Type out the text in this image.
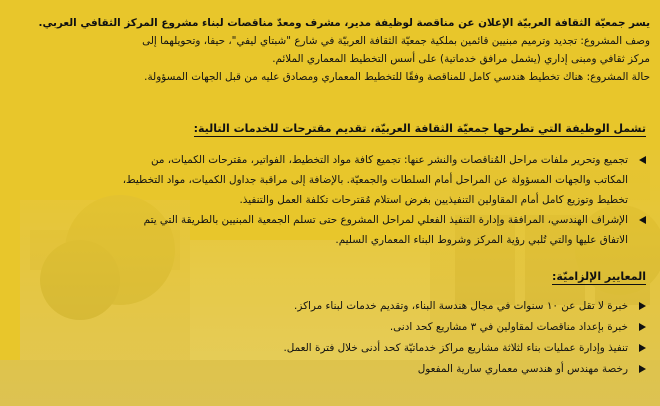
يسر جمعيّة الثقافة العربيّة الإعلان عن مناقصة لوظيفة مدير، مشرف ومعدّ مناقصات لبناء مشروع المركز الثقافي العربي.
وصف المشروع: تجديد وترميم مبنيين قائمين بملكية جمعيّة الثقافة العربيّة في شارع "شبتاي ليفي"، حيفا، وتحويلهما إلى
مركز ثقافي ومبنى إداري (يشمل مرافق خدماتية) على أسس التخطيط المعماري الملائم.
حالة المشروع: هناك تخطيط هندسي كامل للمناقصة وفقًا للتخطيط المعماري ومصادق عليه من قبل الجهات المسؤولة.
تشمل الوظيفة التي تطرحها جمعيّة الثقافة العربيّة، تقديم مقترحات للخدمات التالية:
تجميع وتحرير ملفات مراحل المُناقصات والنشر عنها: تجميع كافة مواد التخطيط، الفواتير، مقترحات الكميات، من
المكاتب والجهات المسؤولة عن المراحل أمام السلطات والجمعيّة. بالإضافة إلى مراقبة جداول الكميات، مواد التخطيط،
تخطيط وتوزيع كامل أمام المقاولين التنفيذيين بغرض استلام مُقترحات تكلفة العمل والتنفيذ.
الإشراف الهندسي، المرافقة وإدارة التنفيذ الفعلي لمراحل المشروع حتى تسلم الجمعية المبنيين بالطريقة التي يتم
الاتفاق عليها والتي تُلبي رؤية المركز وشروط البناء المعماري السليم.
المعايير الإلزاميّة:
خبرة لا تقل عن ١٠ سنوات في مجال هندسة البناء، وتقديم خدمات لبناء مراكز.
خبرة بإعداد مناقصات لمقاولين في ٣ مشاريع كحد ادنى.
تنفيذ وإدارة عمليات بناء لثلاثة مشاريع مراكز خدماتيّة كحد أدنى خلال فترة العمل.
رخصة مهندس أو هندسي معماري سارية المفعول
